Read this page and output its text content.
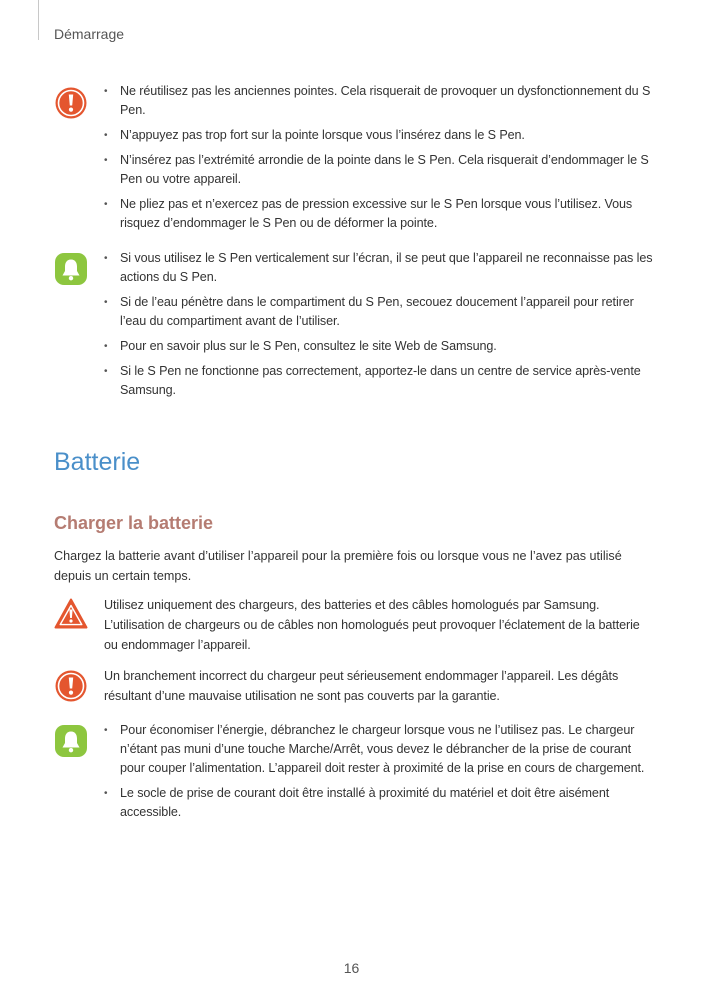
Démarrage
• Ne réutilisez pas les anciennes pointes. Cela risquerait de provoquer un dysfonctionnement du S Pen.
• N’appuyez pas trop fort sur la pointe lorsque vous l’insérez dans le S Pen.
• N’insérez pas l’extrémité arrondie de la pointe dans le S Pen. Cela risquerait d’endommager le S Pen ou votre appareil.
• Ne pliez pas et n’exercez pas de pression excessive sur le S Pen lorsque vous l’utilisez. Vous risquez d’endommager le S Pen ou de déformer la pointe.
• Si vous utilisez le S Pen verticalement sur l’écran, il se peut que l’appareil ne reconnaisse pas les actions du S Pen.
• Si de l’eau pénètre dans le compartiment du S Pen, secouez doucement l’appareil pour retirer l’eau du compartiment avant de l’utiliser.
• Pour en savoir plus sur le S Pen, consultez le site Web de Samsung.
• Si le S Pen ne fonctionne pas correctement, apportez-le dans un centre de service après-vente Samsung.
Batterie
Charger la batterie

Chargez la batterie avant d’utiliser l’appareil pour la première fois ou lorsque vous ne l’avez pas utilisé depuis un certain temps.

Utilisez uniquement des chargeurs, des batteries et des câbles homologués par Samsung. L’utilisation de chargeurs ou de câbles non homologués peut provoquer l’éclatement de la batterie ou endommager l’appareil.

Un branchement incorrect du chargeur peut sérieusement endommager l’appareil. Les dégâts résultant d’une mauvaise utilisation ne sont pas couverts par la garantie.

• Pour économiser l’énergie, débranchez le chargeur lorsque vous ne l’utilisez pas. Le chargeur n’étant pas muni d’une touche Marche/Arrêt, vous devez le débrancher de la prise de courant pour couper l’alimentation. L’appareil doit rester à proximité de la prise en cours de chargement.
• Le socle de prise de courant doit être installé à proximité du matériel et doit être aisément accessible.
16
